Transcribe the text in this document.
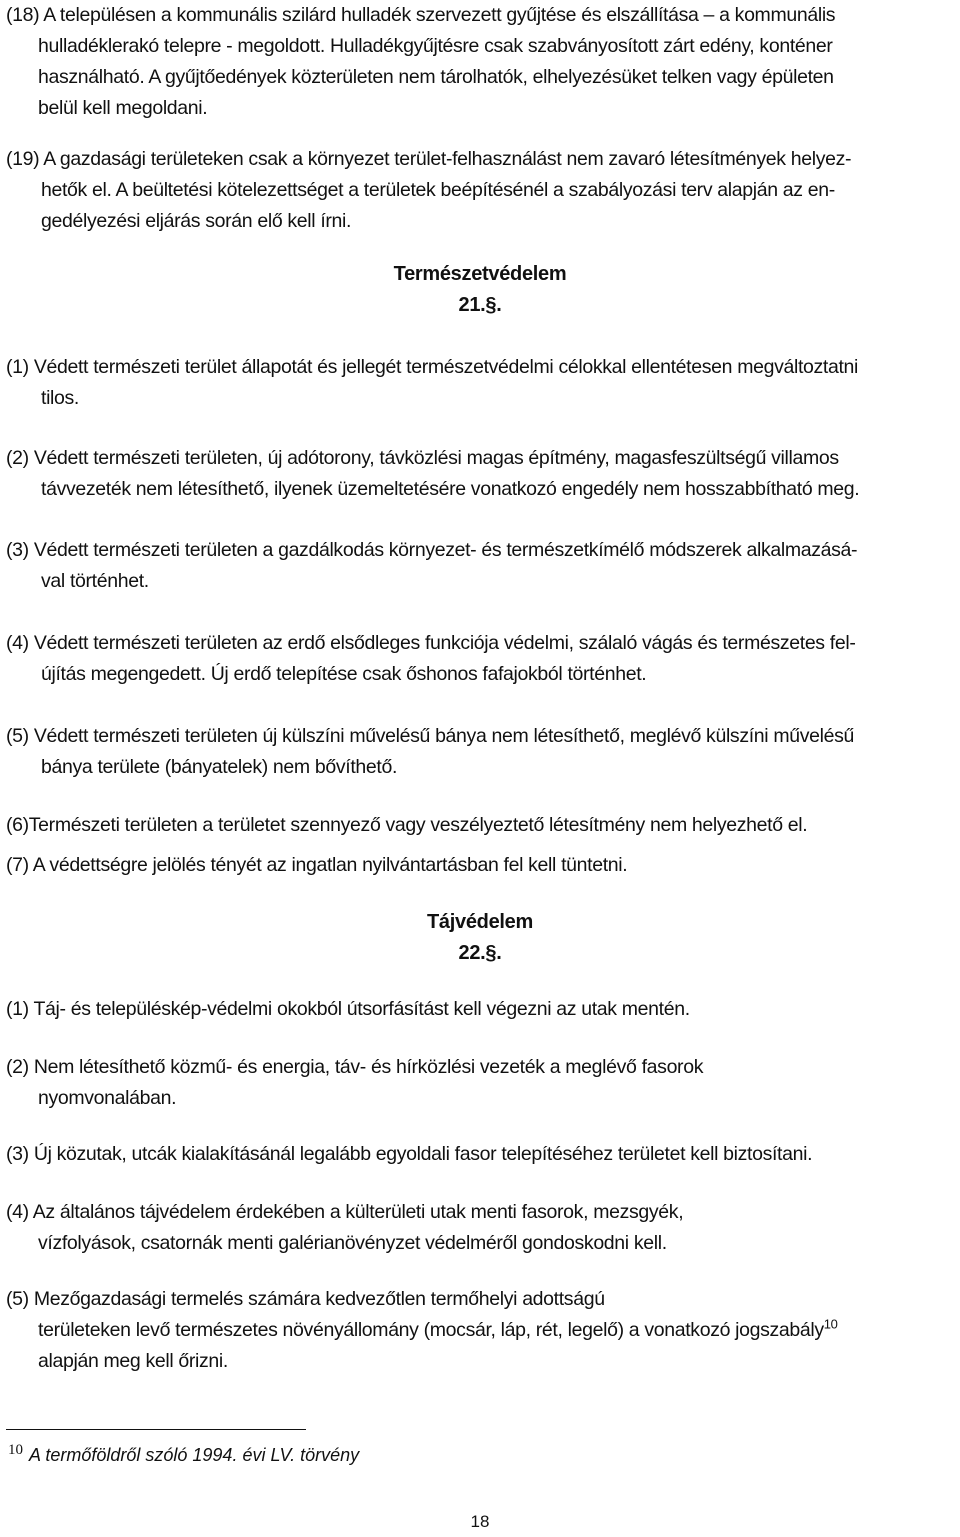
(18) A településen a kommunális szilárd hulladék szervezett gyűjtése és elszállítása – a kommunális
hulladéklerakó telepre - megoldott. Hulladékgyűjtésre csak szabványosított zárt edény, konténer
használható. A gyűjtőedények közterületen nem tárolhatók, elhelyezésüket telken vagy épületen
belül kell megoldani.

(19) A gazdasági területeken csak a környezet terület-felhasználást nem zavaró létesítmények helyez-
hetők el. A beültetési kötelezettséget a területek beépítésénél a szabályozási terv alapján az en-
gedélyezési eljárás során elő kell írni.

Természetvédelem
21.§.

(1) Védett természeti terület állapotát és jellegét természetvédelmi célokkal ellentétesen megváltoztatni
tilos.

(2) Védett természeti területen, új adótorony, távközlési magas építmény, magasfeszültségű villamos
távvezeték nem létesíthető, ilyenek üzemeltetésére vonatkozó engedély nem hosszabbítható meg.

(3) Védett természeti területen a gazdálkodás környezet- és természetkímélő módszerek alkalmazásá-
val történhet.

(4) Védett természeti területen az erdő elsődleges funkciója védelmi, szálaló vágás és természetes fel-
újítás megengedett. Új erdő telepítése csak őshonos fafajokból történhet.

(5) Védett természeti területen új külszíni művelésű bánya nem létesíthető, meglévő külszíni művelésű
bánya területe (bányatelek) nem bővíthető.

(6)Természeti területen a területet szennyező vagy veszélyeztető létesítmény nem helyezhető el.

(7) A védettségre jelölés tényét az ingatlan nyilvántartásban fel kell tüntetni.

Tájvédelem
22.§.

(1) Táj- és településkép-védelmi okokból útsorfásítást kell végezni az utak mentén.

(2) Nem létesíthető közmű- és energia, táv- és hírközlési vezeték a meglévő fasorok
nyomvonalában.

(3) Új közutak, utcák kialakításánál legalább egyoldali fasor telepítéséhez területet kell biztosítani.

(4) Az általános tájvédelem érdekében a külterületi utak menti fasorok, mezsgyék,
vízfolyások, csatornák menti galérianövényzet védelméről gondoskodni kell.

(5) Mezőgazdasági termelés számára kedvezőtlen termőhelyi adottságú
területeken levő természetes növényállomány (mocsár, láp, rét, legelő) a vonatkozó jogszabály$^{10}$
alapján meg kell őrizni.

$^{10}$ A termőföldről szóló 1994. évi LV. törvény
18
